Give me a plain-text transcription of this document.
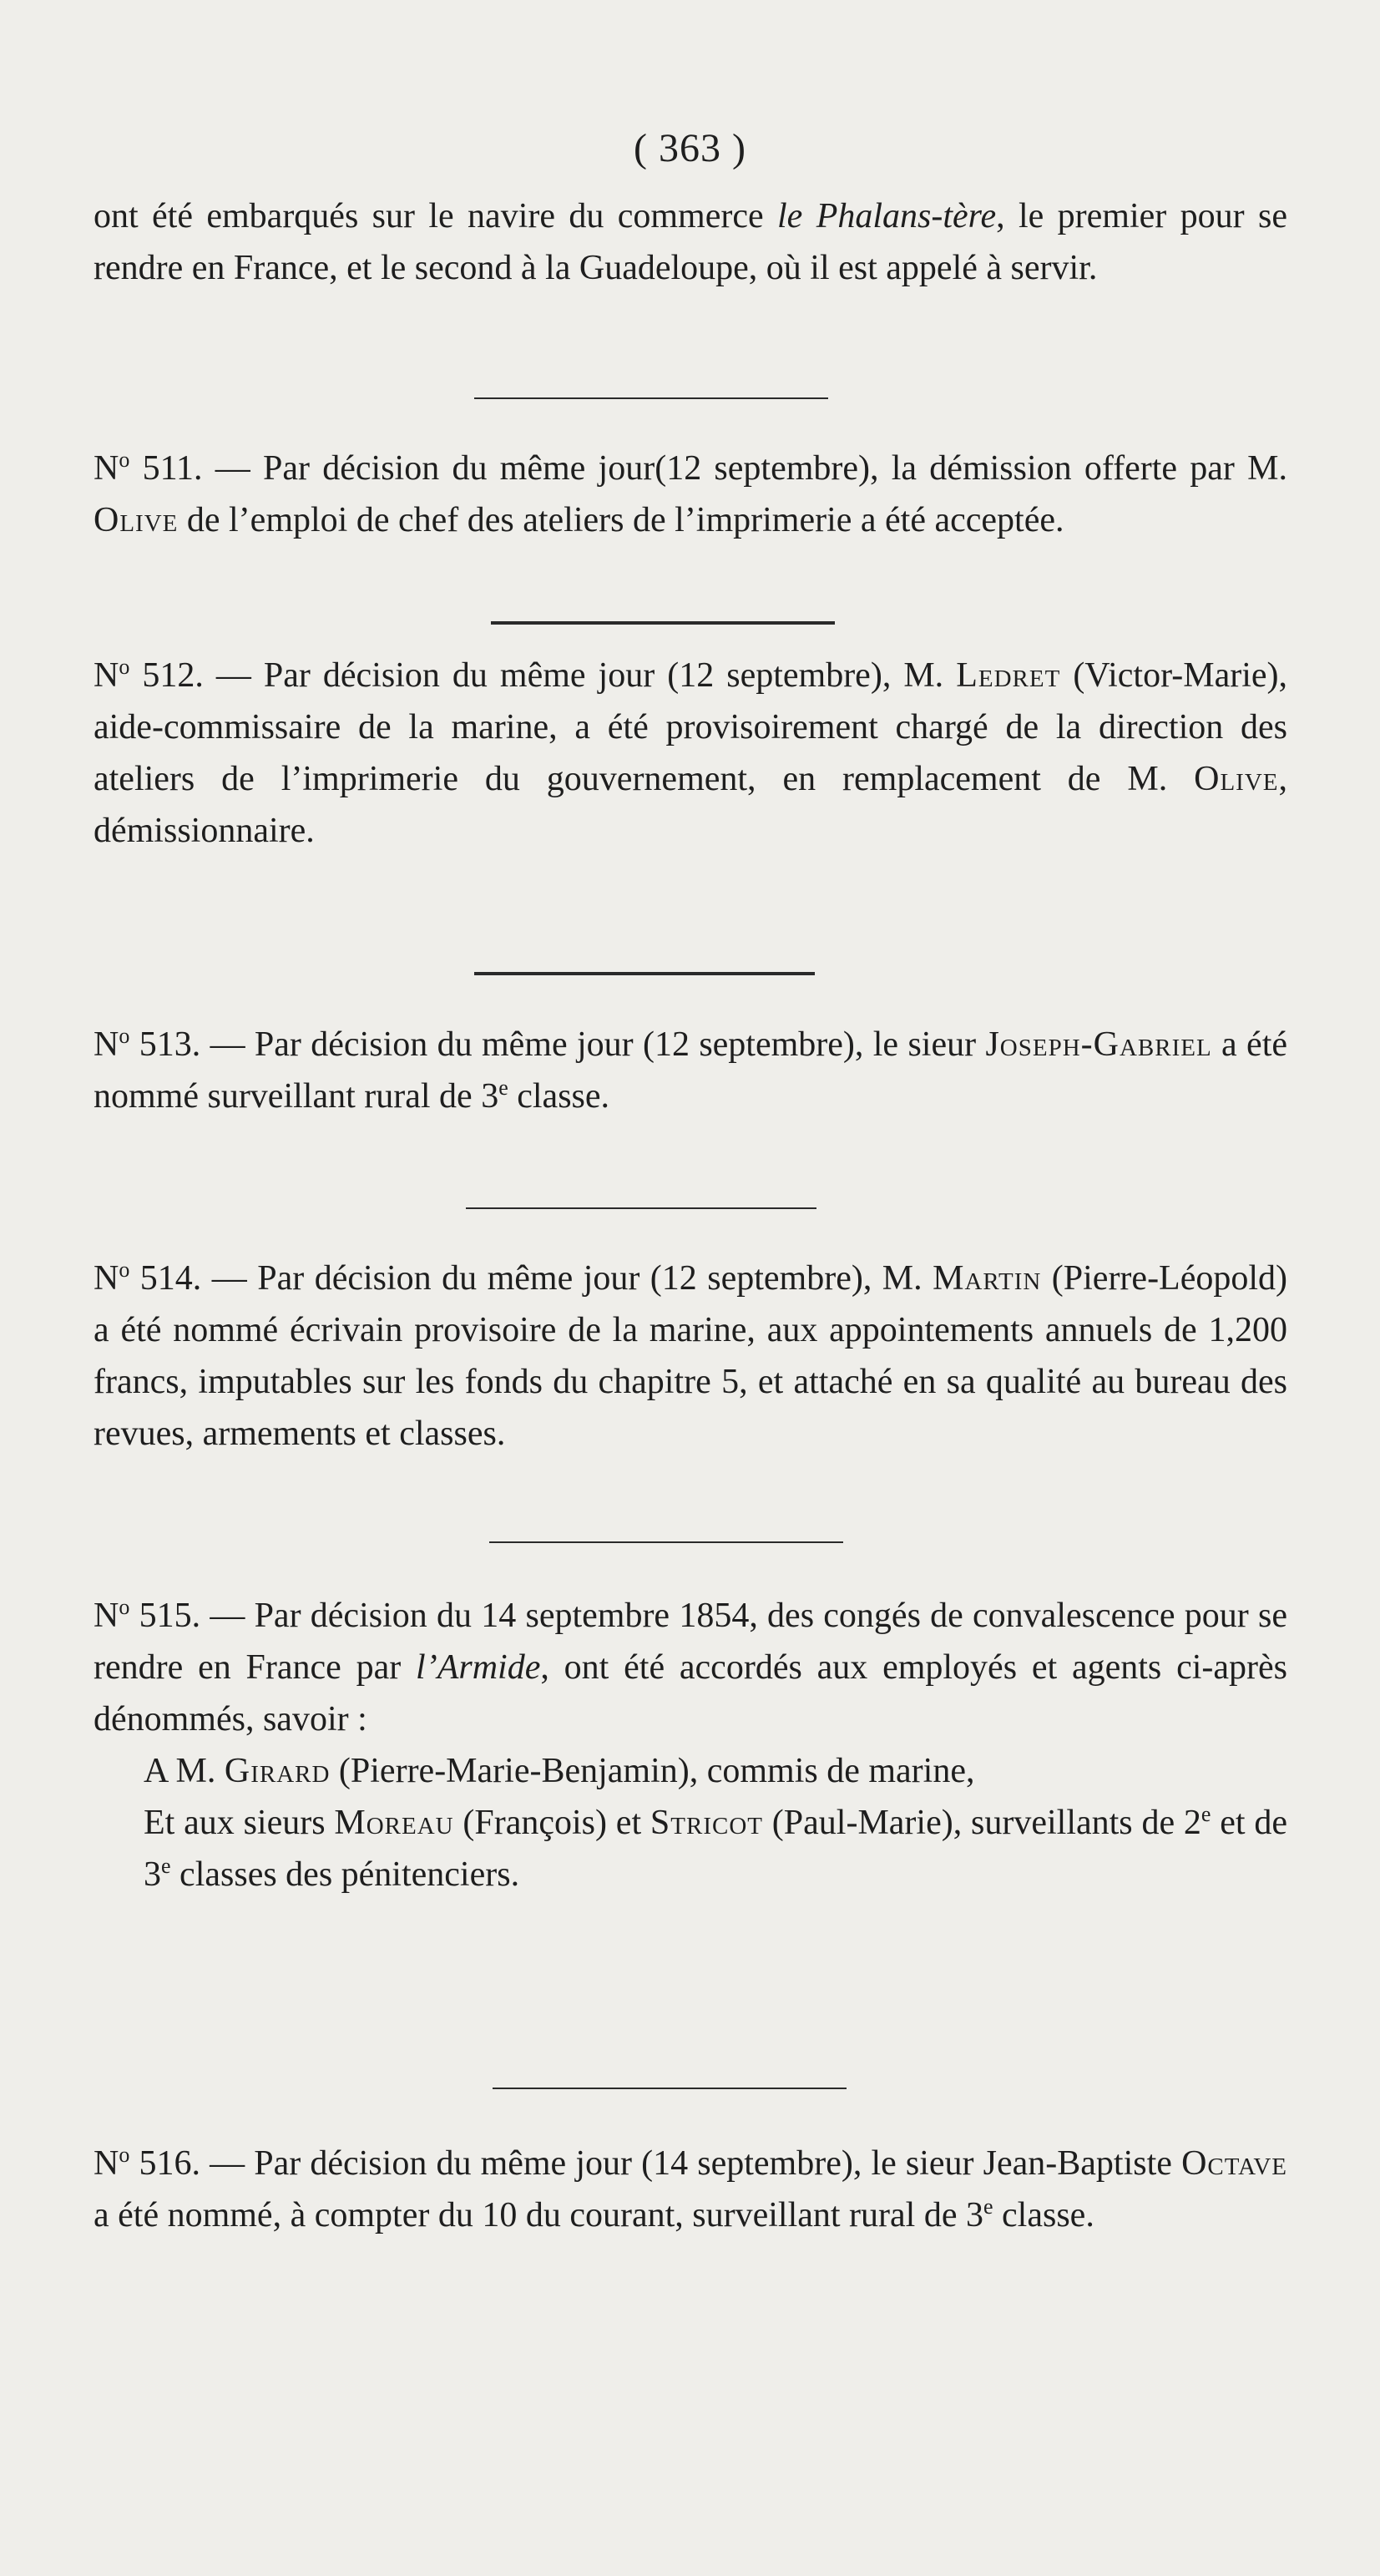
( 363 )
ont été embarqués sur le navire du commerce le Phalans-tère, le premier pour se rendre en France, et le second à la Guadeloupe, où il est appelé à servir.
$N^o$ 511. — Par décision du même jour(12 septembre), la démission offerte par M. Olive de l’emploi de chef des ateliers de l’imprimerie a été acceptée.
$N^o$ 512. — Par décision du même jour (12 septembre), M. Ledret (Victor-Marie), aide-commissaire de la marine, a été provisoirement chargé de la direction des ateliers de l’imprimerie du gouvernement, en remplacement de M. Olive, démissionnaire.
$N^o$ 513. — Par décision du même jour (12 septembre), le sieur Joseph-Gabriel a été nommé surveillant rural de 3e classe.
$N^o$ 514. — Par décision du même jour (12 septembre), M. Martin (Pierre-Léopold) a été nommé écrivain provisoire de la marine, aux appointements annuels de 1,200 francs, imputables sur les fonds du chapitre 5, et attaché en sa qualité au bureau des revues, armements et classes.
$N^o$ 515. — Par décision du 14 septembre 1854, des congés de convalescence pour se rendre en France par l’Armide, ont été accordés aux employés et agents ci-après dénommés, savoir :
A M. Girard (Pierre-Marie-Benjamin), commis de marine,
Et aux sieurs Moreau (François) et Stricot (Paul-Marie), surveillants de 2e et de 3e classes des pénitenciers.
$N^o$ 516. — Par décision du même jour (14 septembre), le sieur Jean-Baptiste Octave a été nommé, à compter du 10 du courant, surveillant rural de 3e classe.
